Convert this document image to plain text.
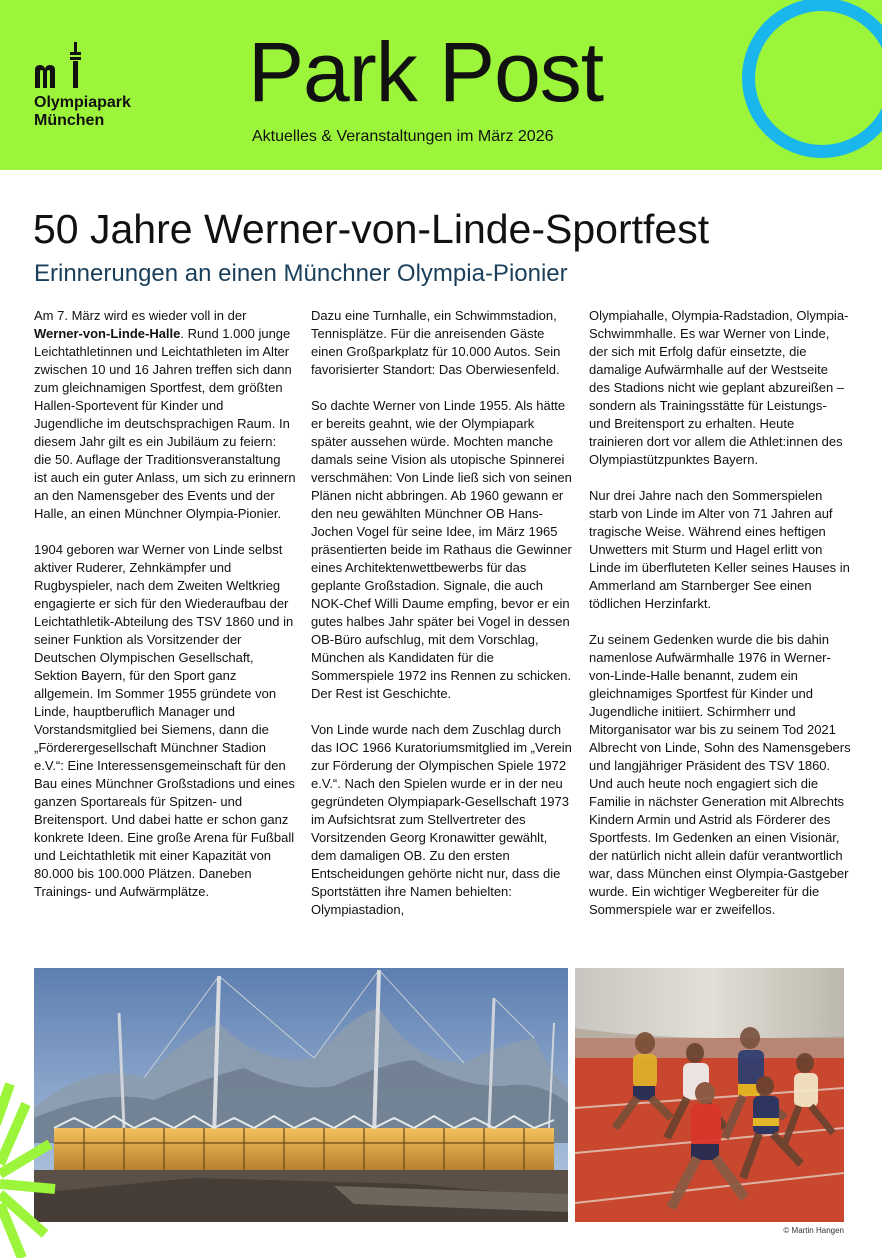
Olympiapark
München
Park Post
Aktuelles & Veranstaltungen im März 2026
50 Jahre Werner-von-Linde-Sportfest
Erinnerungen an einen Münchner Olympia-Pionier

Am 7. März wird es wieder voll in der Werner-von-Linde-Halle. Rund 1.000 junge Leichtathletinnen und Leichtathleten im Alter zwischen 10 und 16 Jahren treffen sich dann zum gleichnamigen Sportfest, dem größten Hallen-Sportevent für Kinder und Jugendliche im deutschsprachigen Raum. In diesem Jahr gilt es ein Jubiläum zu feiern: die 50. Auflage der Traditionsveranstaltung ist auch ein guter Anlass, um sich zu erinnern an den Namensgeber des Events und der Halle, an einen Münchner Olympia-Pionier.

1904 geboren war Werner von Linde selbst aktiver Ruderer, Zehnkämpfer und Rugbyspieler, nach dem Zweiten Weltkrieg engagierte er sich für den Wiederaufbau der Leichtathletik-Abteilung des TSV 1860 und in seiner Funktion als Vorsitzender der Deutschen Olympischen Gesellschaft, Sektion Bayern, für den Sport ganz allgemein. Im Sommer 1955 gründete von Linde, hauptberuflich Manager und Vorstandsmitglied bei Siemens, dann die „Förderergesellschaft Münchner Stadion e.V.“: Eine Interessensgemeinschaft für den Bau eines Münchner Großstadions und eines ganzen Sportareals für Spitzen- und Breitensport. Und dabei hatte er schon ganz konkrete Ideen. Eine große Arena für Fußball und Leichtathletik mit einer Kapazität von 80.000 bis 100.000 Plätzen. Daneben Trainings- und Aufwärmplätze.

Dazu eine Turnhalle, ein Schwimmstadion, Tennisplätze. Für die anreisenden Gäste einen Großparkplatz für 10.000 Autos. Sein favorisierter Standort: Das Oberwiesenfeld.

So dachte Werner von Linde 1955. Als hätte er bereits geahnt, wie der Olympiapark später aussehen würde. Mochten manche damals seine Vision als utopische Spinnerei verschmähen: Von Linde ließ sich von seinen Plänen nicht abbringen. Ab 1960 gewann er den neu gewählten Münchner OB Hans-Jochen Vogel für seine Idee, im März 1965 präsentierten beide im Rathaus die Gewinner eines Architektenwettbewerbs für das geplante Großstadion. Signale, die auch NOK-Chef Willi Daume empfing, bevor er ein gutes halbes Jahr später bei Vogel in dessen OB-Büro aufschlug, mit dem Vorschlag, München als Kandidaten für die Sommerspiele 1972 ins Rennen zu schicken. Der Rest ist Geschichte.

Von Linde wurde nach dem Zuschlag durch das IOC 1966 Kuratoriumsmitglied im „Verein zur Förderung der Olympischen Spiele 1972 e.V.“. Nach den Spielen wurde er in der neu gegründeten Olympiapark-Gesellschaft 1973 im Aufsichtsrat zum Stellvertreter des Vorsitzenden Georg Kronawitter gewählt, dem damaligen OB. Zu den ersten Entscheidungen gehörte nicht nur, dass die Sportstätten ihre Namen behielten: Olympiastadion,

Olympiahalle, Olympia-Radstadion, Olympia-Schwimmhalle. Es war Werner von Linde, der sich mit Erfolg dafür einsetzte, die damalige Aufwärmhalle auf der Westseite des Stadions nicht wie geplant abzureißen – sondern als Trainingsstätte für Leistungs- und Breitensport zu erhalten. Heute trainieren dort vor allem die Athlet:innen des Olympiastützpunktes Bayern.

Nur drei Jahre nach den Sommerspielen starb von Linde im Alter von 71 Jahren auf tragische Weise. Während eines heftigen Unwetters mit Sturm und Hagel erlitt von Linde im überfluteten Keller seines Hauses in Ammerland am Starnberger See einen tödlichen Herzinfarkt.

Zu seinem Gedenken wurde die bis dahin namenlose Aufwärmhalle 1976 in Werner-von-Linde-Halle benannt, zudem ein gleichnamiges Sportfest für Kinder und Jugendliche initiiert. Schirmherr und Mitorganisator war bis zu seinem Tod 2021 Albrecht von Linde, Sohn des Namensgebers und langjähriger Präsident des TSV 1860. Und auch heute noch engagiert sich die Familie in nächster Generation mit Albrechts Kindern Armin und Astrid als Förderer des Sportfests. Im Gedenken an einen Visionär, der natürlich nicht allein dafür verantwortlich war, dass München einst Olympia-Gastgeber wurde. Ein wichtiger Wegbereiter für die Sommerspiele war er zweifellos.

© Martin Hangen
